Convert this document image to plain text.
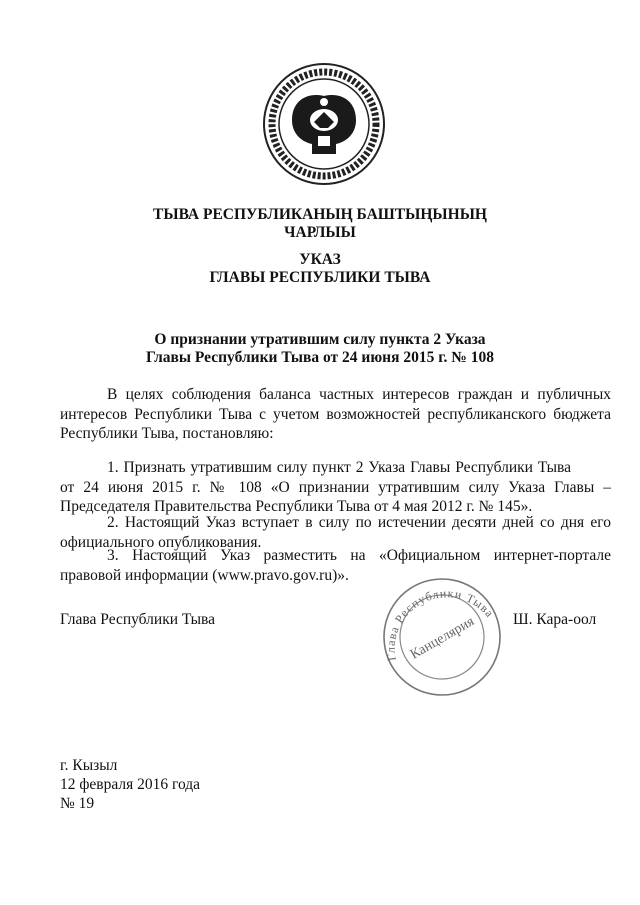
ТЫВА РЕСПУБЛИКАНЫҢ БАШТЫҢЫНЫҢ
ЧАРЛЫЫ
УКАЗ
ГЛАВЫ РЕСПУБЛИКИ ТЫВА
О признании утратившим силу пункта 2 Указа
Главы Республики Тыва от 24 июня 2015 г. № 108
В целях соблюдения баланса частных интересов граждан и публичных интересов Республики Тыва с учетом возможностей республиканского бюджета Республики Тыва, постановляю:
1. Признать утратившим силу пункт 2 Указа Главы Республики Тыва от 24 июня 2015 г. № 108 «О признании утратившим силу Указа Главы –Председателя Правительства Республики Тыва от 4 мая 2012 г. № 145».
2. Настоящий Указ вступает в силу по истечении десяти дней со дня его официального опубликования.
3. Настоящий Указ разместить на «Официальном интернет-портале правовой информации (www.pravo.gov.ru)».
Глава Республики Тыва
Глава Республики Тыва
Канцелярия Ш. Кара-оол
г. Кызыл
12 февраля 2016 года
№ 19
